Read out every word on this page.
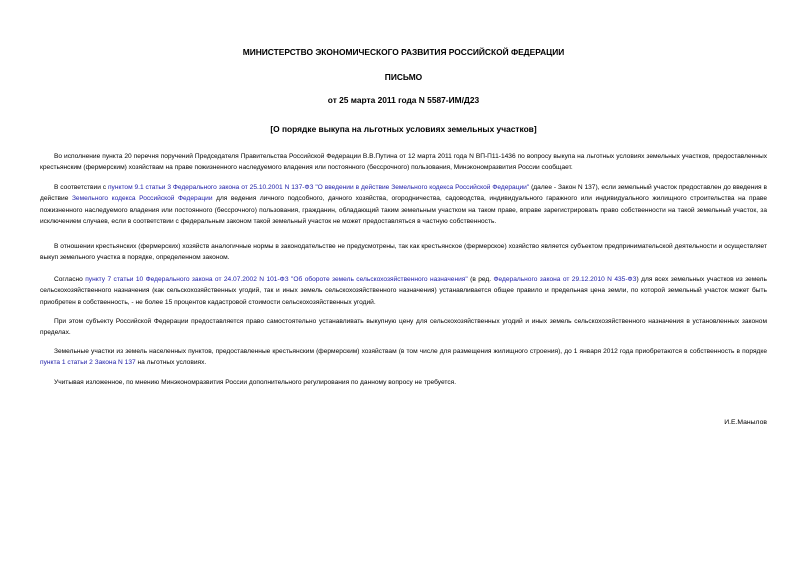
МИНИСТЕРСТВО ЭКОНОМИЧЕСКОГО РАЗВИТИЯ РОССИЙСКОЙ ФЕДЕРАЦИИ
ПИСЬМО
от 25 марта 2011 года N 5587-ИМ/Д23
[О порядке выкупа на льготных условиях земельных участков]

Во исполнение пункта 20 перечня поручений Председателя Правительства Российской Федерации В.В.Путина от 12 марта 2011 года N ВП-П11-1436 по вопросу выкупа на льготных условиях земельных участков, предоставленных крестьянским (фермерским) хозяйствам на праве пожизненного наследуемого владения или постоянного (бессрочного) пользования, Минэкономразвития России сообщает.

В соответствии с пунктом 9.1 статьи 3 Федерального закона от 25.10.2001 N 137-ФЗ "О введении в действие Земельного кодекса Российской Федерации" (далее - Закон N 137), если земельный участок предоставлен до введения в действие Земельного кодекса Российской Федерации для ведения личного подсобного, дачного хозяйства, огородничества, садоводства, индивидуального гаражного или индивидуального жилищного строительства на праве пожизненного наследуемого владения или постоянного (бессрочного) пользования, гражданин, обладающий таким земельным участком на таком праве, вправе зарегистрировать право собственности на такой земельный участок, за исключением случаев, если в соответствии с федеральным законом такой земельный участок не может предоставляться в частную собственность.

В отношении крестьянских (фермерских) хозяйств аналогичные нормы в законодательстве не предусмотрены, так как крестьянское (фермерское) хозяйство является субъектом предпринимательской деятельности и осуществляет выкуп земельного участка в порядке, определенном законом.

Согласно пункту 7 статьи 10 Федерального закона от 24.07.2002 N 101-ФЗ "Об обороте земель сельскохозяйственного назначения" (в ред. Федерального закона от 29.12.2010 N 435-ФЗ) для всех земельных участков из земель сельскохозяйственного назначения (как сельскохозяйственных угодий, так и иных земель сельскохозяйственного назначения) устанавливается общее правило и предельная цена земли, по которой земельный участок может быть приобретен в собственность, - не более 15 процентов кадастровой стоимости сельскохозяйственных угодий.

При этом субъекту Российской Федерации предоставляется право самостоятельно устанавливать выкупную цену для сельскохозяйственных угодий и иных земель сельскохозяйственного назначения в установленных законом пределах.

Земельные участки из земель населенных пунктов, предоставленные крестьянским (фермерским) хозяйствам (в том числе для размещения жилищного строения), до 1 января 2012 года приобретаются в собственность в порядке пункта 1 статьи 2 Закона N 137 на льготных условиях.

Учитывая изложенное, по мнению Минэкономразвития России дополнительного регулирования по данному вопросу не требуется.

И.Е.Манылов
